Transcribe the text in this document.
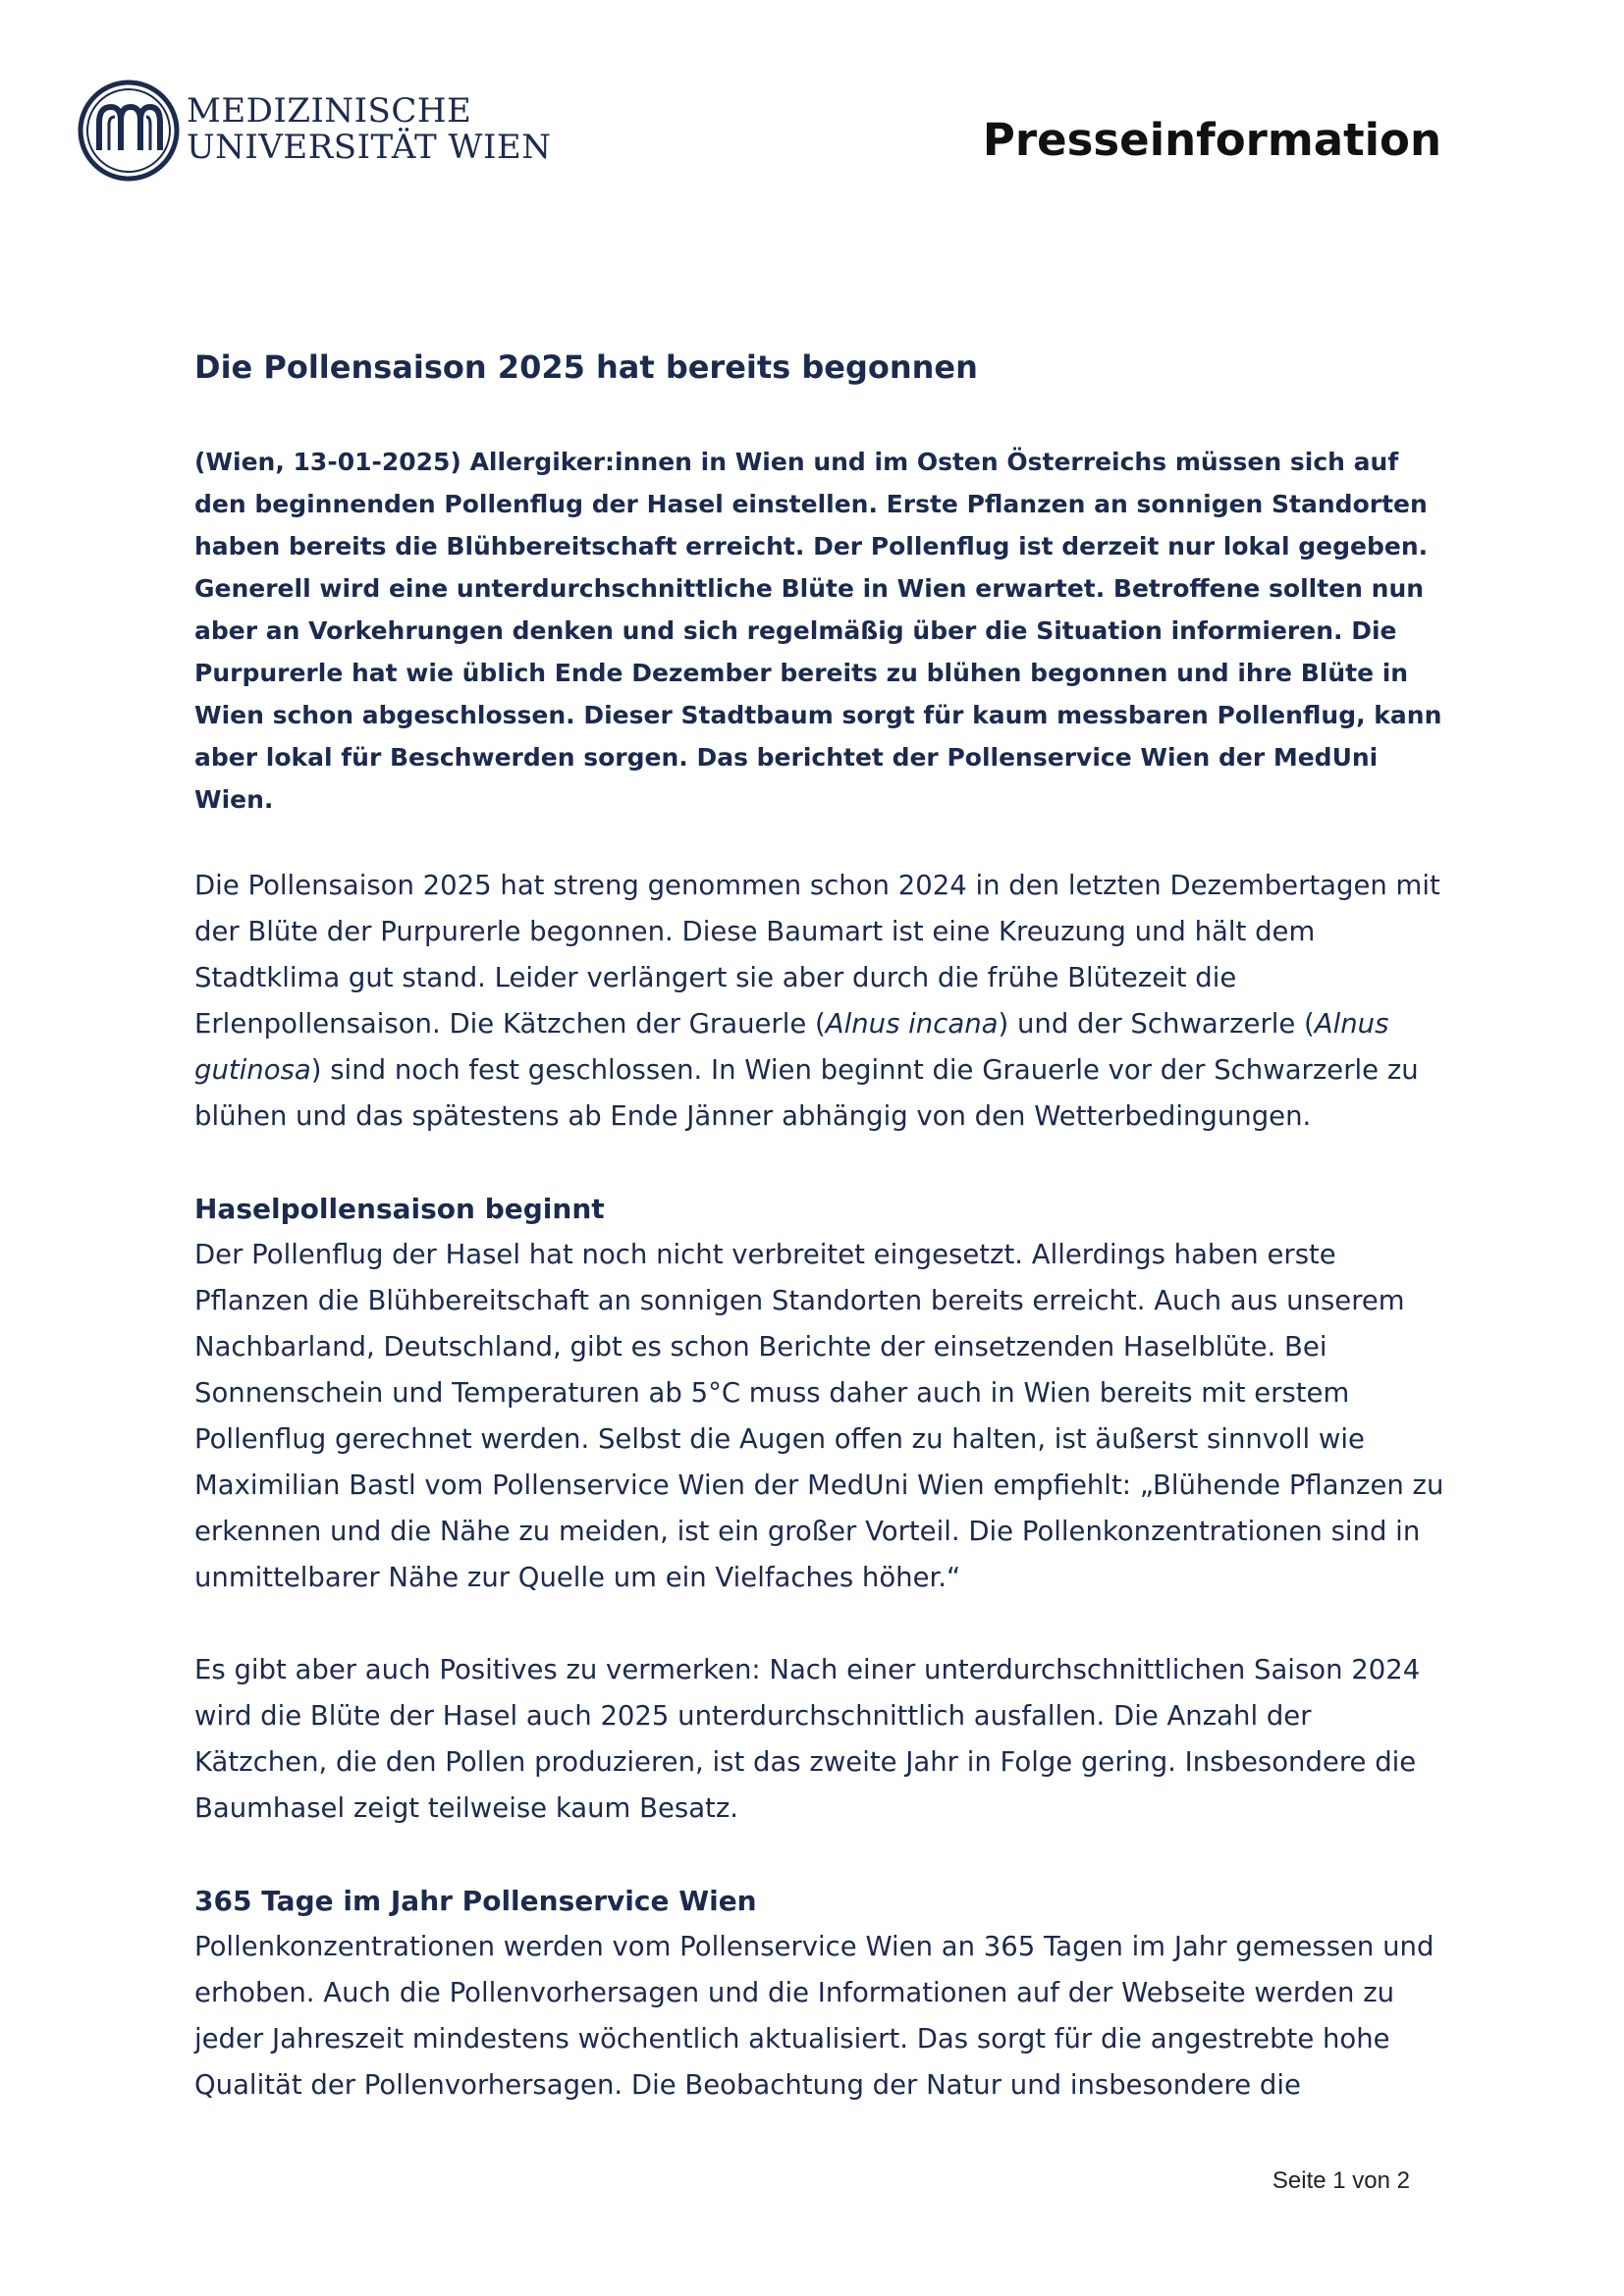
MEDIZINISCHE
UNIVERSITÄT WIEN	Presseinformation
Die Pollensaison 2025 hat bereits begonnen

(Wien, 13-01-2025) Allergiker:innen in Wien und im Osten Österreichs müssen sich auf den beginnenden Pollenflug der Hasel einstellen. Erste Pflanzen an sonnigen Standorten haben bereits die Blühbereitschaft erreicht. Der Pollenflug ist derzeit nur lokal gegeben. Generell wird eine unterdurchschnittliche Blüte in Wien erwartet. Betroffene sollten nun aber an Vorkehrungen denken und sich regelmäßig über die Situation informieren. Die Purpurerle hat wie üblich Ende Dezember bereits zu blühen begonnen und ihre Blüte in Wien schon abgeschlossen. Dieser Stadtbaum sorgt für kaum messbaren Pollenflug, kann aber lokal für Beschwerden sorgen. Das berichtet der Pollenservice Wien der MedUni Wien.

Die Pollensaison 2025 hat streng genommen schon 2024 in den letzten Dezembertagen mit der Blüte der Purpurerle begonnen. Diese Baumart ist eine Kreuzung und hält dem Stadtklima gut stand. Leider verlängert sie aber durch die frühe Blütezeit die Erlenpollensaison. Die Kätzchen der Grauerle (Alnus incana) und der Schwarzerle (Alnus gutinosa) sind noch fest geschlossen. In Wien beginnt die Grauerle vor der Schwarzerle zu blühen und das spätestens ab Ende Jänner abhängig von den Wetterbedingungen.

Haselpollensaison beginnt

Der Pollenflug der Hasel hat noch nicht verbreitet eingesetzt. Allerdings haben erste Pflanzen die Blühbereitschaft an sonnigen Standorten bereits erreicht. Auch aus unserem Nachbarland, Deutschland, gibt es schon Berichte der einsetzenden Haselblüte. Bei Sonnenschein und Temperaturen ab 5°C muss daher auch in Wien bereits mit erstem Pollenflug gerechnet werden. Selbst die Augen offen zu halten, ist äußerst sinnvoll wie Maximilian Bastl vom Pollenservice Wien der MedUni Wien empfiehlt: „Blühende Pflanzen zu erkennen und die Nähe zu meiden, ist ein großer Vorteil. Die Pollenkonzentrationen sind in unmittelbarer Nähe zur Quelle um ein Vielfaches höher.“

Es gibt aber auch Positives zu vermerken: Nach einer unterdurchschnittlichen Saison 2024 wird die Blüte der Hasel auch 2025 unterdurchschnittlich ausfallen. Die Anzahl der Kätzchen, die den Pollen produzieren, ist das zweite Jahr in Folge gering. Insbesondere die Baumhasel zeigt teilweise kaum Besatz.

365 Tage im Jahr Pollenservice Wien

Pollenkonzentrationen werden vom Pollenservice Wien an 365 Tagen im Jahr gemessen und erhoben. Auch die Pollenvorhersagen und die Informationen auf der Webseite werden zu jeder Jahreszeit mindestens wöchentlich aktualisiert. Das sorgt für die angestrebte hohe Qualität der Pollenvorhersagen. Die Beobachtung der Natur und insbesondere die

Seite 1 von 2
